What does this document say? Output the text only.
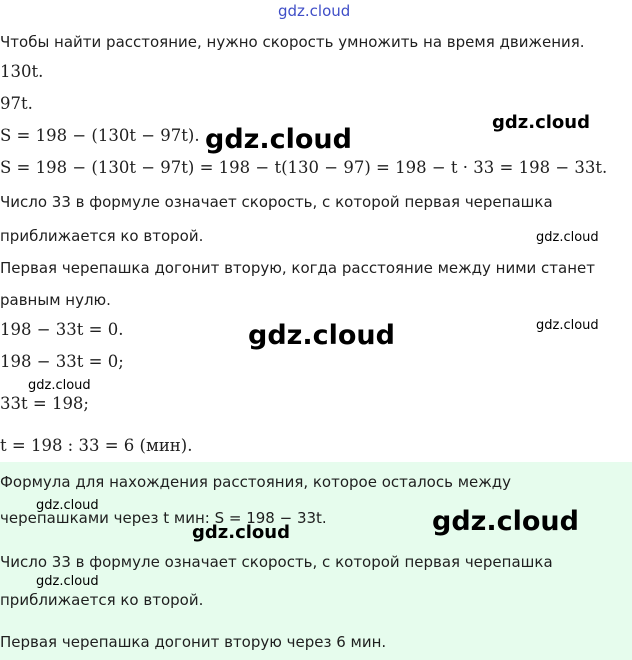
Чтобы найти расстояние, нужно скорость умножить на время движения.
130t.
97t.
S = 198 − (130t − 97t).
S = 198 − (130t − 97t) = 198 − t(130 − 97) = 198 − t · 33 = 198 − 33t.
Число 33 в формуле означает скорость, с которой первая черепашка
приближается ко второй.
Первая черепашка догонит вторую, когда расстояние между ними станет
равным нулю.
198 − 33t = 0.
198 − 33t = 0;
33t = 198;
t = 198 : 33 = 6 (мин).
Формула для нахождения расстояния, которое осталось между
черепашками через t мин: S = 198 − 33t.
Число 33 в формуле означает скорость, с которой первая черепашка
приближается ко второй.
Первая черепашка догонит вторую через 6 мин.
gdz.cloud
gdz.cloud
gdz.cloud
gdz.cloud
gdz.cloud	gdz.cloud
gdz.cloud
gdz.cloud
gdz.cloud
gdz.cloud
gdz.cloud
